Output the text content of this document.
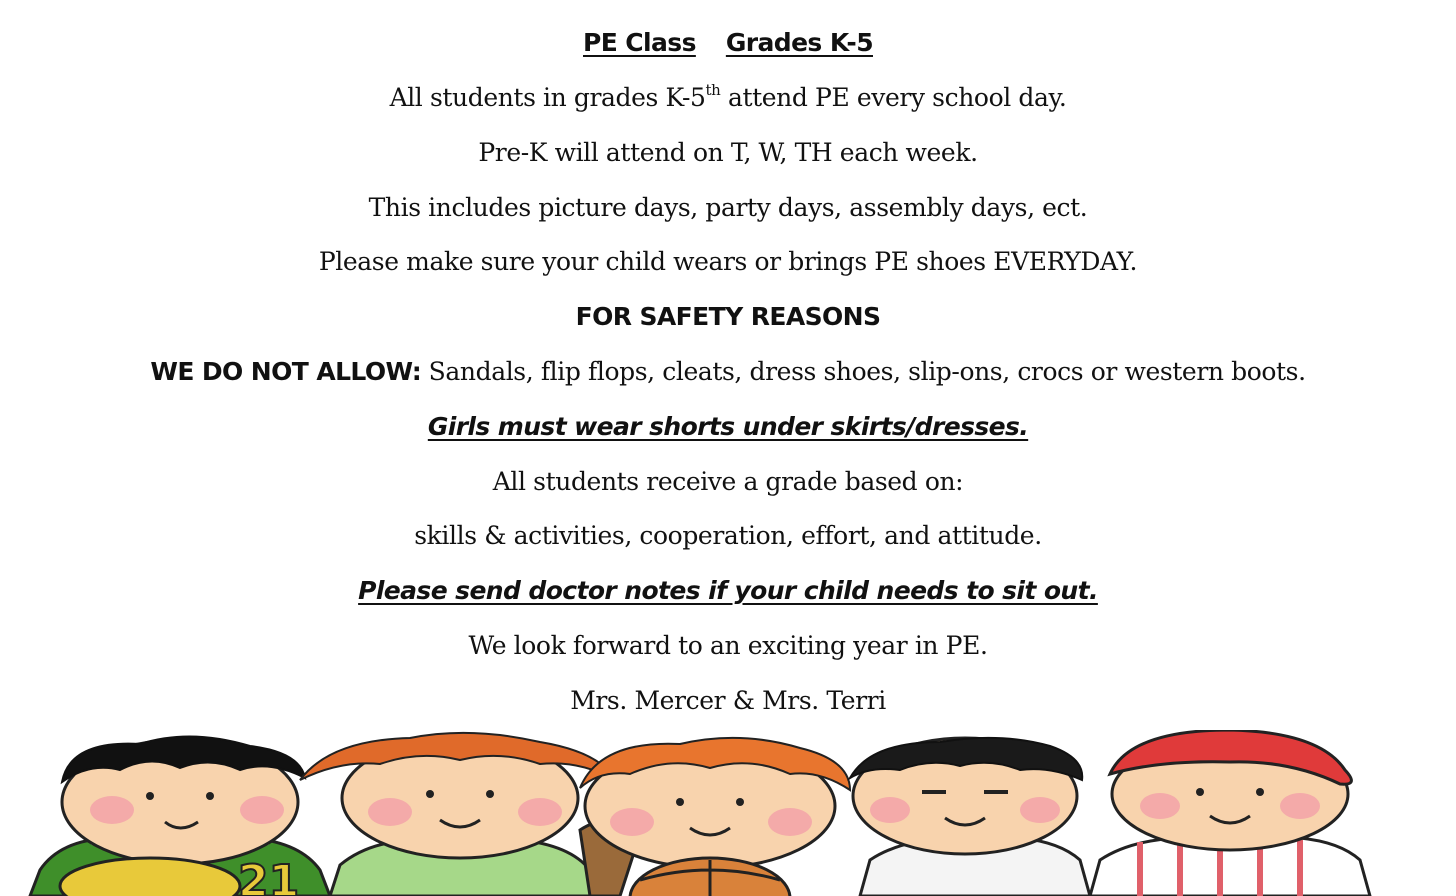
PE Class Grades K-5
All students in grades K-5th attend PE every school day.
Pre-K will attend on T, W, TH each week.
This includes picture days, party days, assembly days, ect.
Please make sure your child wears or brings PE shoes EVERYDAY.
FOR SAFETY REASONS
WE DO NOT ALLOW: Sandals, flip flops, cleats, dress shoes, slip-ons, crocs or western boots.
Girls must wear shorts under skirts/dresses.
All students receive a grade based on:
skills & activities, cooperation, effort, and attitude.
Please send doctor notes if your child needs to sit out.
We look forward to an exciting year in PE.
Mrs. Mercer & Mrs. Terri
21
